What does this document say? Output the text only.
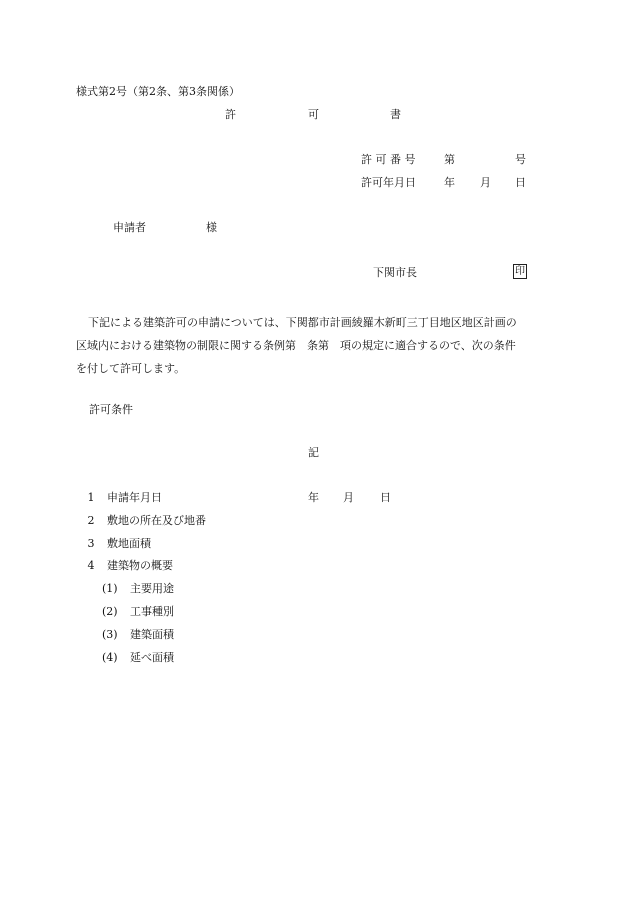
様式第2号（第2条、第3条関係）
許	可	書
許 可 番 号	第	号
許可年月日	年 月 日
申請者	様
下関市長	印
下記による建築許可の申請については、下関都市計画綾羅木新町三丁目地区地区計画の
区域内における建築物の制限に関する条例第　条第　項の規定に適合するので、次の条件
を付して許可します。
許可条件
記
1	申請年月日	年 月 日
2	敷地の所在及び地番
3	敷地面積
4	建築物の概要
(1) 主要用途
(2) 工事種別
(3) 建築面積
(4) 延べ面積
